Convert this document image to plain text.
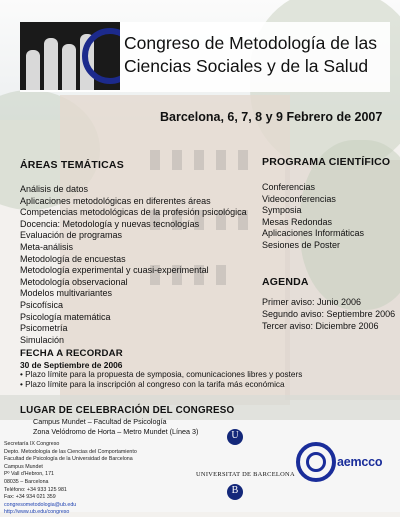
Congreso de Metodología de las
Ciencias Sociales y de la Salud
Barcelona, 6, 7, 8 y 9 Febrero de 2007
ÁREAS TEMÁTICAS
Análisis de datos
Aplicaciones metodológicas en diferentes áreas
Competencias metodológicas de la profesión psicológica
Docencia: Metodología y nuevas tecnologías
Evaluación de programas
Meta-análisis
Metodología de encuestas
Metodología experimental y cuasi-experimental
Metodología observacional
Modelos multivariantes
Psicofísica
Psicología matemática
Psicometría
Simulación
PROGRAMA CIENTÍFICO
Conferencias
Videoconferencias
Symposia
Mesas Redondas
Aplicaciones Informáticas
Sesiones de Poster
AGENDA
Primer aviso: Junio 2006
Segundo aviso: Septiembre 2006
Tercer aviso: Diciembre 2006
FECHA A RECORDAR
30 de Septiembre de 2006
• Plazo límite para la propuesta de symposia, comunicaciones libres y posters
• Plazo límite para la inscripción al congreso con la tarifa más económica
LUGAR DE CELEBRACIÓN DEL CONGRESO
Campus Mundet – Facultad de Psicología
Zona Velódromo de Horta – Metro Mundet (Línea 3)
Secretaría IX Congreso
Depto. Metodología de las Ciencias del Comportamiento
Facultad de Psicología de la Universidad de Barcelona
Campus Mundet
Pº Vall d'Hebron, 171
08035 – Barcelona
Teléfono: +34 933 125 981
Fax: +34 934 021 359
congresometodologia@ub.edu
http://www.ub.edu/congreso
U
B
UNIVERSITAT DE BARCELONA
aemcco
